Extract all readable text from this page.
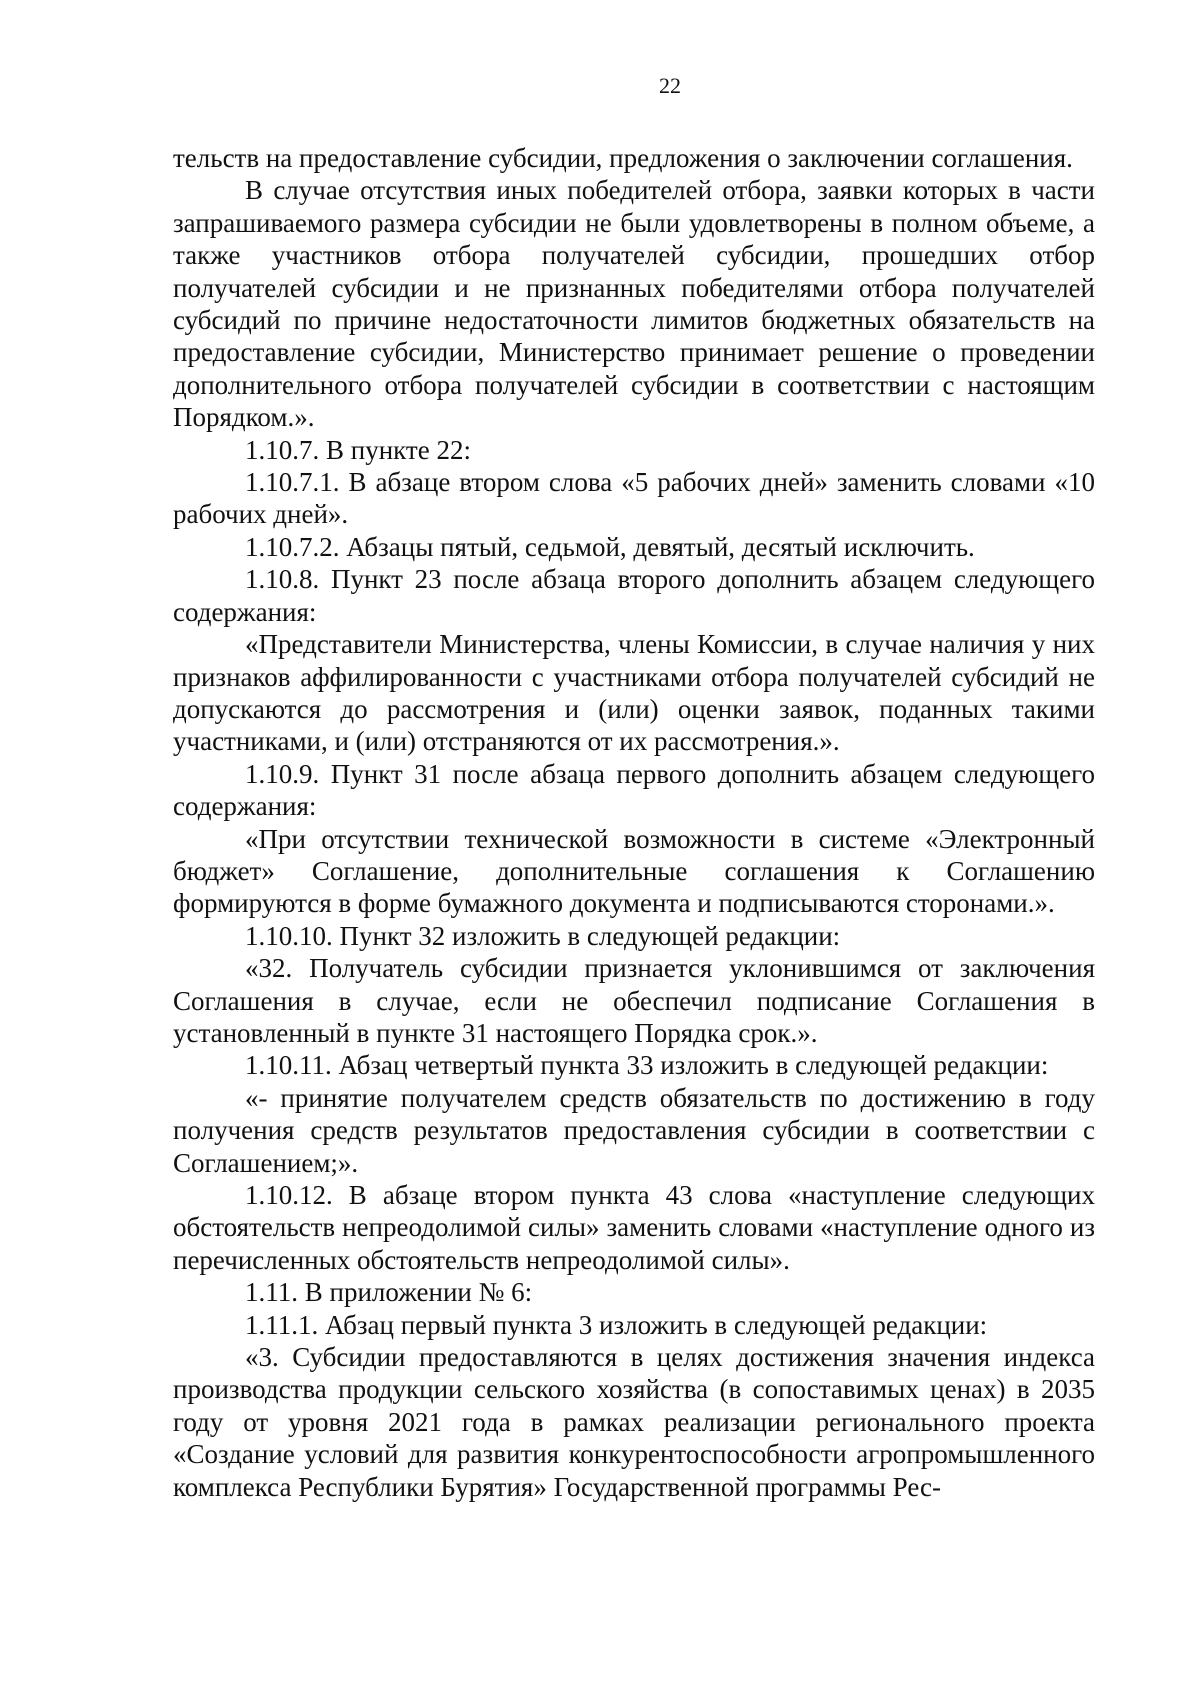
22

тельств на предоставление субсидии, предложения о заключении соглашения.

В случае отсутствия иных победителей отбора, заявки которых в части запрашиваемого размера субсидии не были удовлетворены в полном объеме, а также участников отбора получателей субсидии, прошедших отбор получателей субсидии и не признанных победителями отбора получателей субсидий по причине недостаточности лимитов бюджетных обязательств на предоставление субсидии, Министерство принимает решение о проведении дополнительного отбора получателей субсидии в соответствии с настоящим Порядком.».

1.10.7. В пункте 22:

1.10.7.1. В абзаце втором слова «5 рабочих дней» заменить словами «10 рабочих дней».

1.10.7.2. Абзацы пятый, седьмой, девятый, десятый исключить.

1.10.8. Пункт 23 после абзаца второго дополнить абзацем следующего содержания:

«Представители Министерства, члены Комиссии, в случае наличия у них признаков аффилированности с участниками отбора получателей субсидий не допускаются до рассмотрения и (или) оценки заявок, поданных такими участниками, и (или) отстраняются от их рассмотрения.».

1.10.9. Пункт 31 после абзаца первого дополнить абзацем следующего содержания:

«При отсутствии технической возможности в системе «Электронный бюджет» Соглашение, дополнительные соглашения к Соглашению формируются в форме бумажного документа и подписываются сторонами.».

1.10.10. Пункт 32 изложить в следующей редакции:

«32. Получатель субсидии признается уклонившимся от заключения Соглашения в случае, если не обеспечил подписание Соглашения в установленный в пункте 31 настоящего Порядка срок.».

1.10.11. Абзац четвертый пункта 33 изложить в следующей редакции:

«- принятие получателем средств обязательств по достижению в году получения средств результатов предоставления субсидии в соответствии с Соглашением;».

1.10.12. В абзаце втором пункта 43 слова «наступление следующих обстоятельств непреодолимой силы» заменить словами «наступление одного из перечисленных обстоятельств непреодолимой силы».

1.11. В приложении № 6:

1.11.1. Абзац первый пункта 3 изложить в следующей редакции:

«3. Субсидии предоставляются в целях достижения значения индекса производства продукции сельского хозяйства (в сопоставимых ценах) в 2035 году от уровня 2021 года в рамках реализации регионального проекта «Создание условий для развития конкурентоспособности агропромышленного комплекса Республики Бурятия» Государственной программы Рес-
